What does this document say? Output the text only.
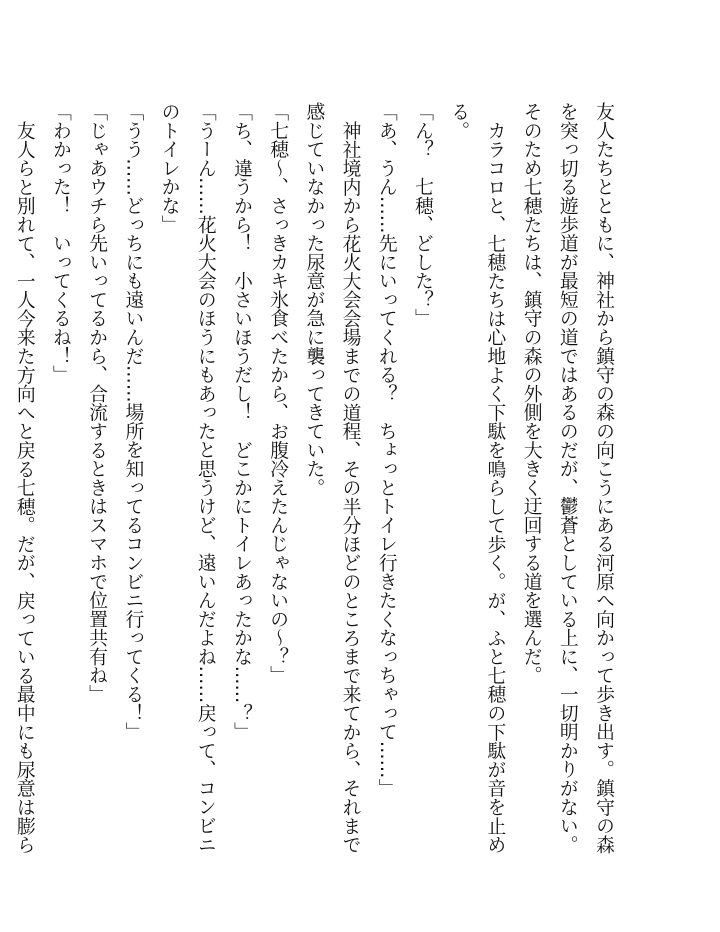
友人たちとともに、神社から鎮守の森の向こうにある河原へ向かって歩き出す。鎮守の森を突っ切る遊歩道が最短の道ではあるのだが、鬱蒼としている上に、一切明かりがない。そのため七穂たちは、鎮守の森の外側を大きく迂回する道を選んだ。

カラコロと、七穂たちは心地よく下駄を鳴らして歩く。が、ふと七穂の下駄が音を止める。

「ん？　七穂、どした？」

「あ、うん……先にいってくれる？　ちょっとトイレ行きたくなっちゃって……」

神社境内から花火大会会場までの道程、その半分ほどのところまで来てから、それまで感じていなかった尿意が急に襲ってきていた。

「七穂～、さっきカキ氷食べたから、お腹冷えたんじゃないの～？」

「ち、違うから！　小さいほうだし！　どこかにトイレあったかな……？」

「うーん……花火大会のほうにもあったと思うけど、遠いんだよね……戻って、コンビニのトイレかな」

「うう……どっちにも遠いんだ……場所を知ってるコンビニ行ってくる！」

「じゃあウチら先いってるから、合流するときはスマホで位置共有ね」

「わかった！　いってくるね！」

友人らと別れて、一人今来た方向へと戻る七穂。だが、戻っている最中にも尿意は膨ら
